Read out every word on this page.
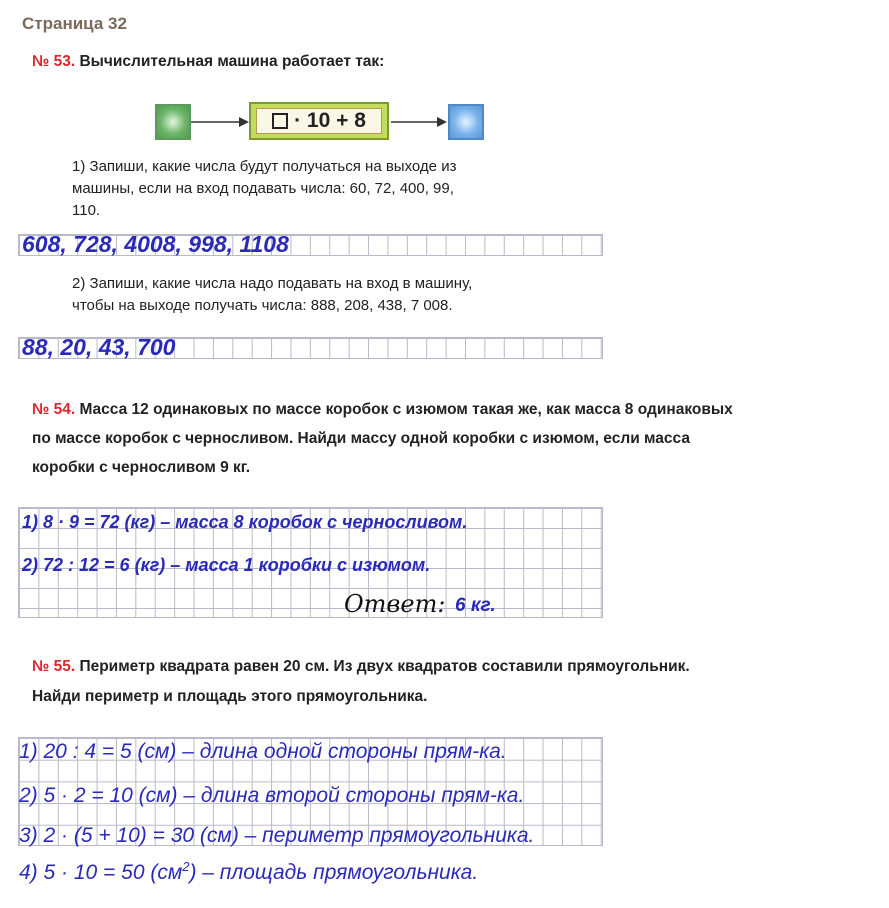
Страница 32
№ 53. Вычислительная машина работает так:
· 10 + 8
1) Запиши, какие числа будут получаться на выходе из
машины, если на вход подавать числа: 60, 72, 400, 99,
110.
608, 728, 4008, 998, 1108
2) Запиши, какие числа надо подавать на вход в машину,
чтобы на выходе получать числа: 888, 208, 438, 7 008.
88, 20, 43, 700
№ 54. Масса 12 одинаковых по массе коробок с изюмом такая же, как масса 8 одинаковых
по массе коробок с черносливом. Найди массу одной коробки с изюмом, если масса
коробки с черносливом 9 кг.
1) 8 · 9 = 72 (кг) – масса 8 коробок с черносливом.
2) 72 : 12 = 6 (кг) – масса 1 коробки с изюмом.
Ответ: 6 кг.
№ 55. Периметр квадрата равен 20 см. Из двух квадратов составили прямоугольник.
Найди периметр и площадь этого прямоугольника.
1) 20 : 4 = 5 (см) – длина одной стороны прям-ка.
2) 5 · 2 = 10 (см) – длина второй стороны прям-ка.
3) 2 · (5 + 10) = 30 (см) – периметр прямоугольника.
4) 5 · 10 = 50 $(см^2)$ – площадь прямоугольника.
